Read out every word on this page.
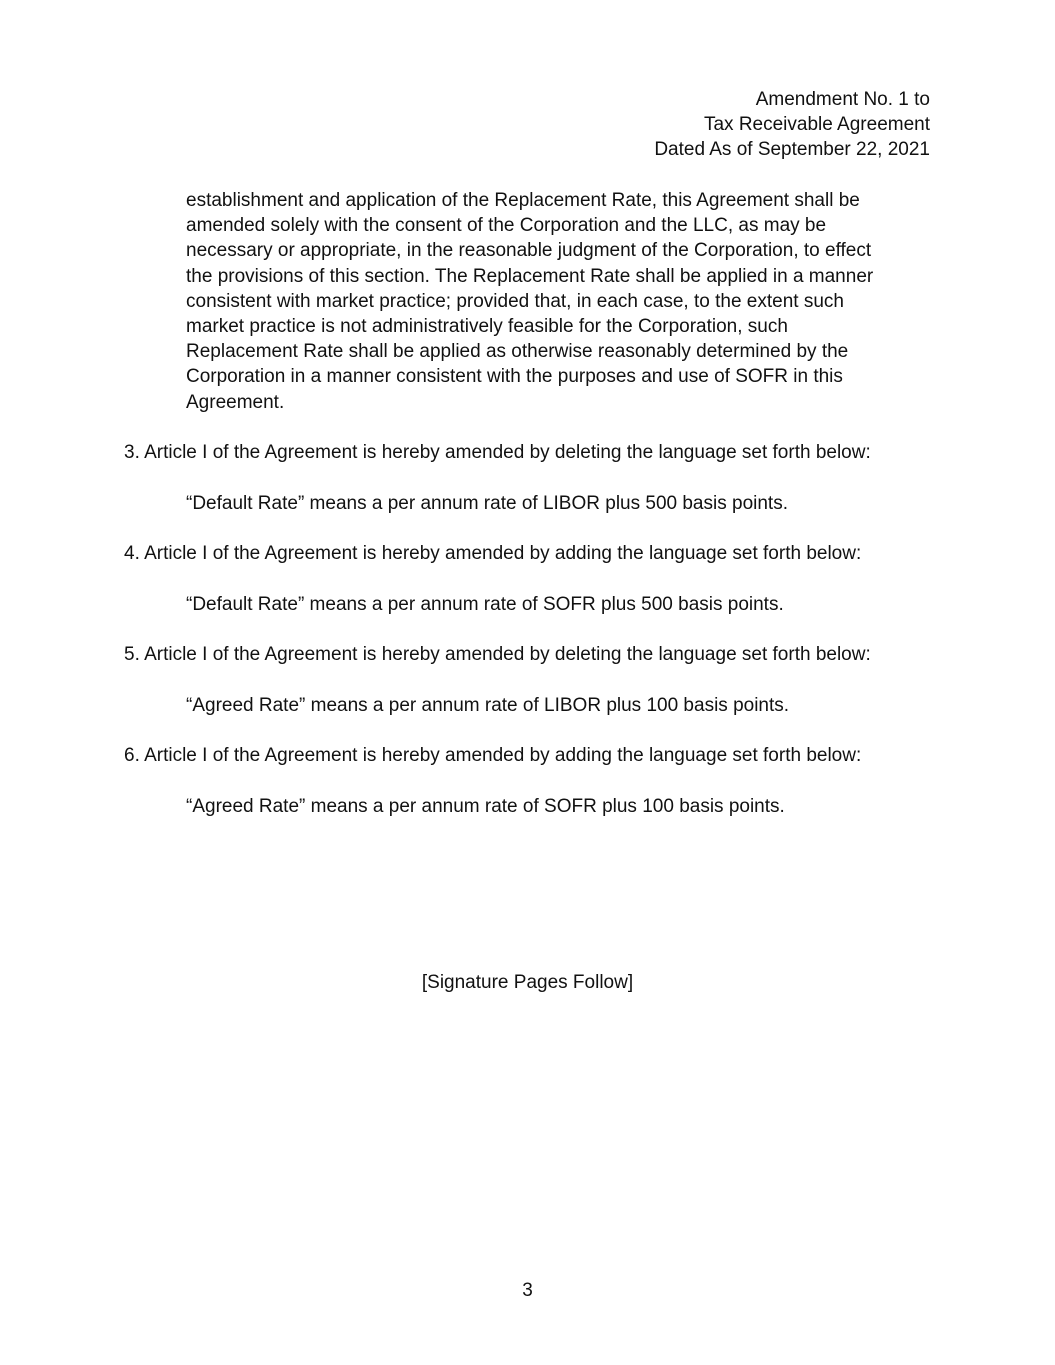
Amendment No. 1 to
Tax Receivable Agreement
Dated As of September 22, 2021
establishment and application of the Replacement Rate, this Agreement shall be
amended solely with the consent of the Corporation and the LLC, as may be
necessary or appropriate, in the reasonable judgment of the Corporation, to effect
the provisions of this section. The Replacement Rate shall be applied in a manner
consistent with market practice; provided that, in each case, to the extent such
market practice is not administratively feasible for the Corporation, such
Replacement Rate shall be applied as otherwise reasonably determined by the
Corporation in a manner consistent with the purposes and use of SOFR in this
Agreement.
3. Article I of the Agreement is hereby amended by deleting the language set forth below:
“Default Rate” means a per annum rate of LIBOR plus 500 basis points.
4. Article I of the Agreement is hereby amended by adding the language set forth below:
“Default Rate” means a per annum rate of SOFR plus 500 basis points.
5. Article I of the Agreement is hereby amended by deleting the language set forth below:
“Agreed Rate” means a per annum rate of LIBOR plus 100 basis points.
6. Article I of the Agreement is hereby amended by adding the language set forth below:
“Agreed Rate” means a per annum rate of SOFR plus 100 basis points.
[Signature Pages Follow]
3
